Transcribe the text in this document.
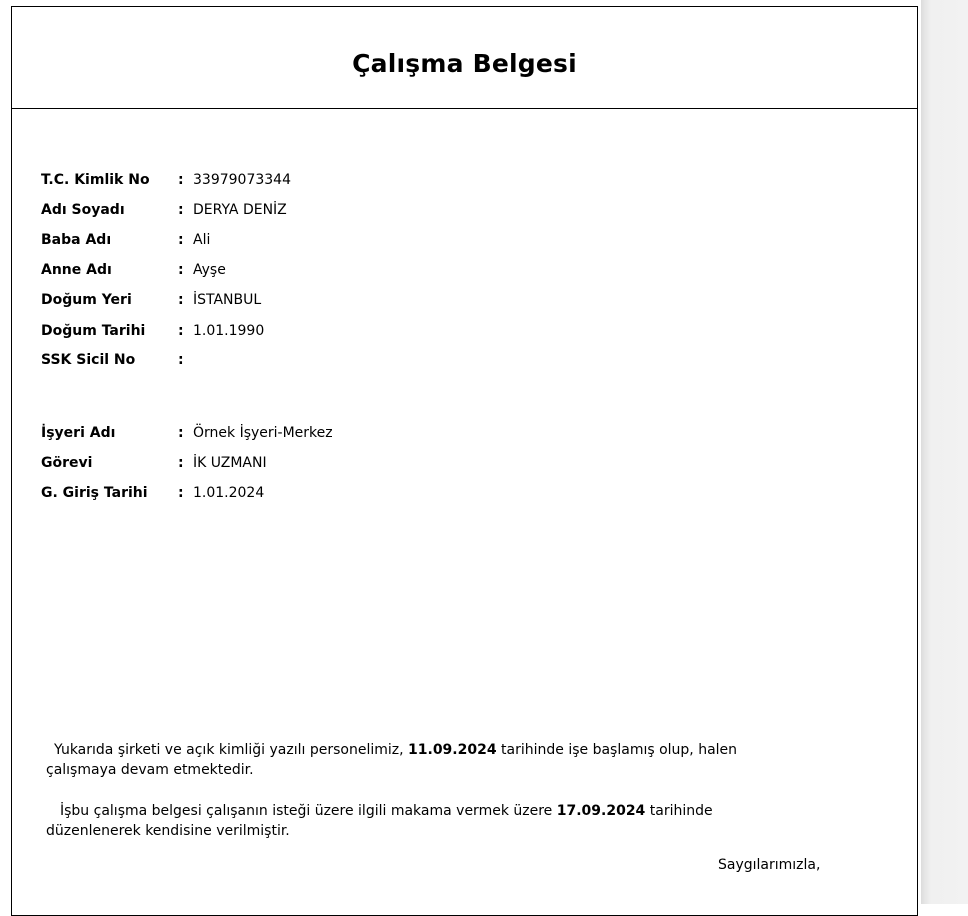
Çalışma Belgesi
T.C. Kimlik No	: 33979073344
Adı Soyadı	: DERYA DENİZ
Baba Adı	: Ali
Anne Adı	: Ayşe
Doğum Yeri	: İSTANBUL
Doğum Tarihi	: 1.01.1990
SSK Sicil No	:
İşyeri Adı	: Örnek İşyeri-Merkez
Görevi	: İK UZMANI
G. Giriş Tarihi	: 1.01.2024
Yukarıda şirketi ve açık kimliği yazılı personelimiz, 11.09.2024 tarihinde işe başlamış olup, halen çalışmaya devam etmektedir.
İşbu çalışma belgesi çalışanın isteği üzere ilgili makama vermek üzere 17.09.2024 tarihinde düzenlenerek kendisine verilmiştir.
Saygılarımızla,
